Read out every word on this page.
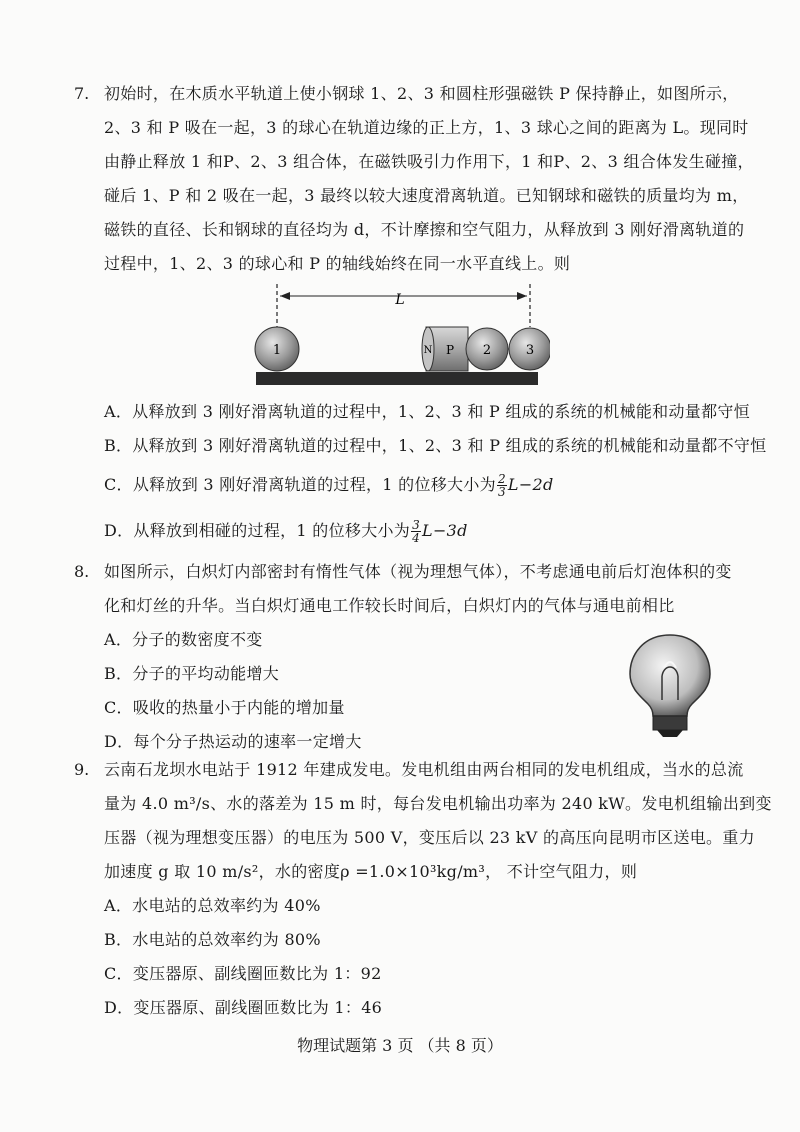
7. 初始时，在木质水平轨道上使小钢球 1、2、3 和圆柱形强磁铁 P 保持静止，如图所示，
2、3 和 P 吸在一起，3 的球心在轨道边缘的正上方，1、3 球心之间的距离为 L。现同时
由静止释放 1 和P、2、3 组合体，在磁铁吸引力作用下，1 和P、2、3 组合体发生碰撞，
碰后 1、P 和 2 吸在一起，3 最终以较大速度滑离轨道。已知钢球和磁铁的质量均为 m，
磁铁的直径、长和钢球的直径均为 d，不计摩擦和空气阻力，从释放到 3 刚好滑离轨道的
过程中，1、2、3 的球心和 P 的轴线始终在同一水平直线上。则
L
1	N P 2	3
A．从释放到 3 刚好滑离轨道的过程中，1、2、3 和 P 组成的系统的机械能和动量都守恒
B．从释放到 3 刚好滑离轨道的过程中，1、2、3 和 P 组成的系统的机械能和动量都不守恒
C．从释放到 3 刚好滑离轨道的过程，1 的位移大小为 $\frac{2}{3} L-2d$
D．从释放到相碰的过程，1 的位移大小为 $\frac{3}{4} L-3d$
8. 如图所示，白炽灯内部密封有惰性气体（视为理想气体），不考虑通电前后灯泡体积的变
化和灯丝的升华。当白炽灯通电工作较长时间后，白炽灯内的气体与通电前相比
A．分子的数密度不变
B．分子的平均动能增大
C．吸收的热量小于内能的增加量
D．每个分子热运动的速率一定增大
9. 云南石龙坝水电站于 1912 年建成发电。发电机组由两台相同的发电机组成，当水的总流
量为 4.0 m³/s、水的落差为 15 m 时，每台发电机输出功率为 240 kW。发电机组输出到变
压器（视为理想变压器）的电压为 500 V，变压后以 23 kV 的高压向昆明市区送电。重力
加速度 g 取 10 m/s²，水的密度ρ =1.0×10³kg/m³， 不计空气阻力，则
A．水电站的总效率约为 40%
B．水电站的总效率约为 80%
C．变压器原、副线圈匝数比为 1：92
D．变压器原、副线圈匝数比为 1：46
物理试题第 3 页 （共 8 页）
